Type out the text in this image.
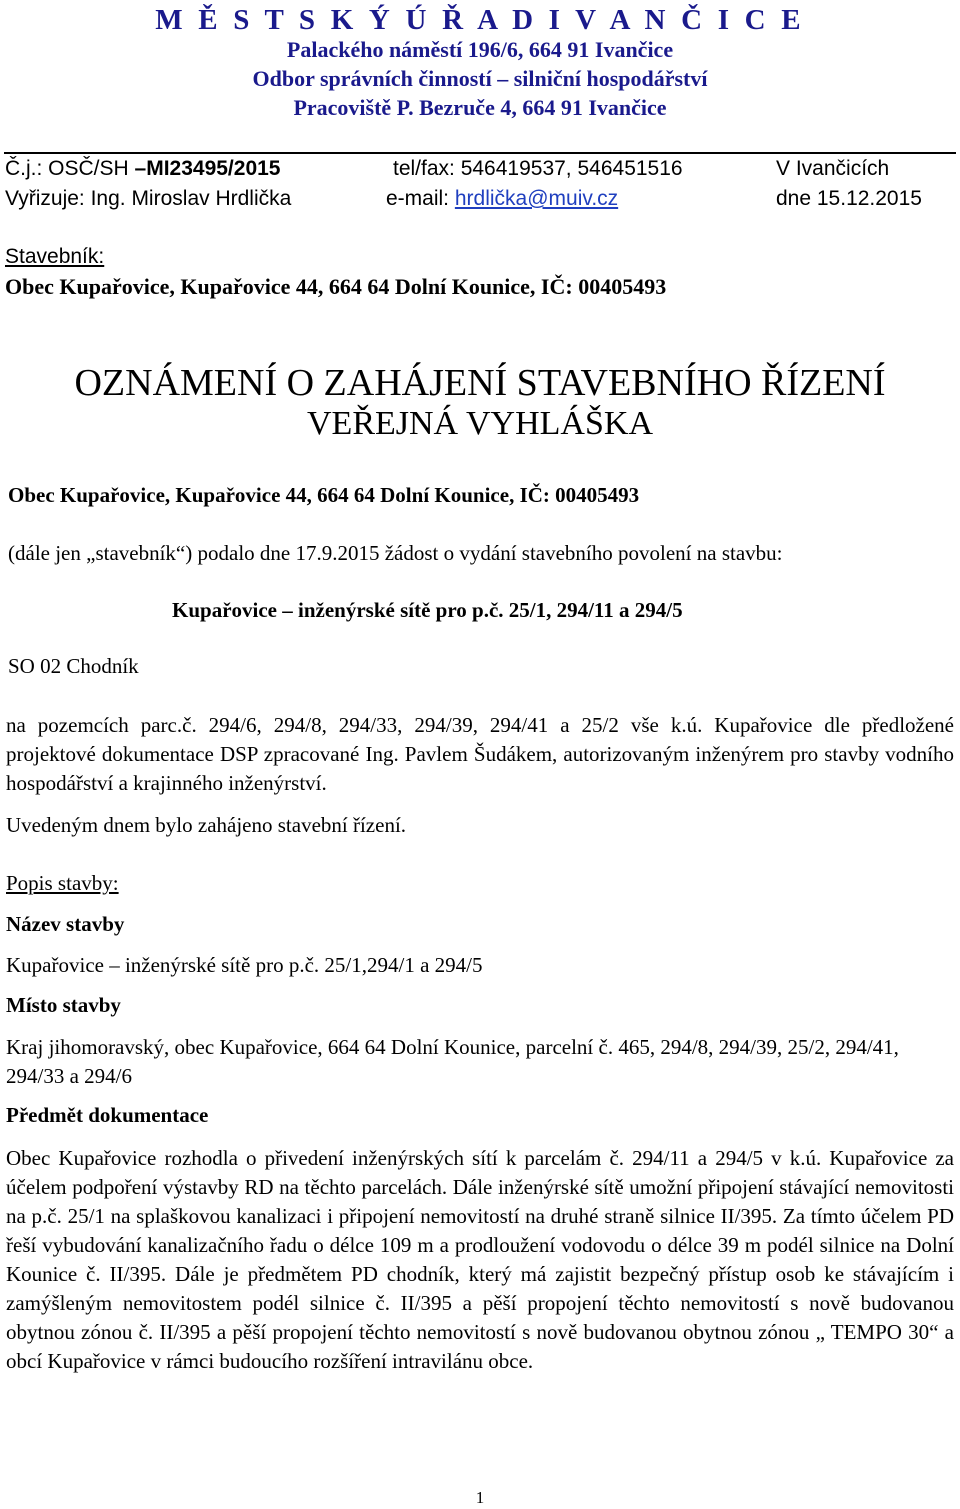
M Ě S T S K Ý Ú Ř A D I V A N Č I C E
Palackého náměstí 196/6, 664 91 Ivančice
Odbor správních činností – silniční hospodářství
Pracoviště P. Bezruče 4, 664 91 Ivančice
Č.j.: OSČ/SH –MI23495/2015
Vyřizuje: Ing. Miroslav Hrdlička
tel/fax: 546419537, 546451516
e-mail: hrdlička@muiv.cz
V Ivančicích
dne 15.12.2015
Stavebník:
Obec Kupařovice, Kupařovice 44, 664 64 Dolní Kounice, IČ: 00405493
OZNÁMENÍ O ZAHÁJENÍ STAVEBNÍHO ŘÍZENÍ
VEŘEJNÁ VYHLÁŠKA
Obec Kupařovice, Kupařovice 44, 664 64 Dolní Kounice, IČ: 00405493
(dále jen „stavebník“) podalo dne 17.9.2015 žádost o vydání stavebního povolení na stavbu:
Kupařovice – inženýrské sítě pro p.č. 25/1, 294/11 a 294/5
SO 02 Chodník
na pozemcích parc.č. 294/6, 294/8, 294/33, 294/39, 294/41 a 25/2 vše k.ú. Kupařovice dle předložené projektové dokumentace DSP zpracované Ing. Pavlem Šudákem, autorizovaným inženýrem pro stavby vodního hospodářství a krajinného inženýrství.
Uvedeným dnem bylo zahájeno stavební řízení.
Popis stavby:
Název stavby
Kupařovice – inženýrské sítě pro p.č. 25/1,294/1 a 294/5
Místo stavby
Kraj jihomoravský, obec Kupařovice, 664 64 Dolní Kounice, parcelní č. 465, 294/8, 294/39, 25/2, 294/41, 294/33 a 294/6
Předmět dokumentace
Obec Kupařovice rozhodla o přivedení inženýrských sítí k parcelám č. 294/11 a 294/5 v k.ú. Kupařovice za účelem podpoření výstavby RD na těchto parcelách. Dále inženýrské sítě umožní připojení stávající nemovitosti na p.č. 25/1 na splaškovou kanalizaci i připojení nemovitostí na druhé straně silnice II/395. Za tímto účelem PD řeší vybudování kanalizačního řadu o délce 109 m a prodloužení vodovodu o délce 39 m podél silnice na Dolní Kounice č. II/395. Dále je předmětem PD chodník, který má zajistit bezpečný přístup osob ke stávajícím i zamýšleným nemovitostem podél silnice č. II/395 a pěší propojení těchto nemovitostí s nově budovanou obytnou zónou č. II/395 a pěší propojení těchto nemovitostí s nově budovanou obytnou zónou „ TEMPO 30“ a obcí Kupařovice v rámci budoucího rozšíření intravilánu obce.
1
